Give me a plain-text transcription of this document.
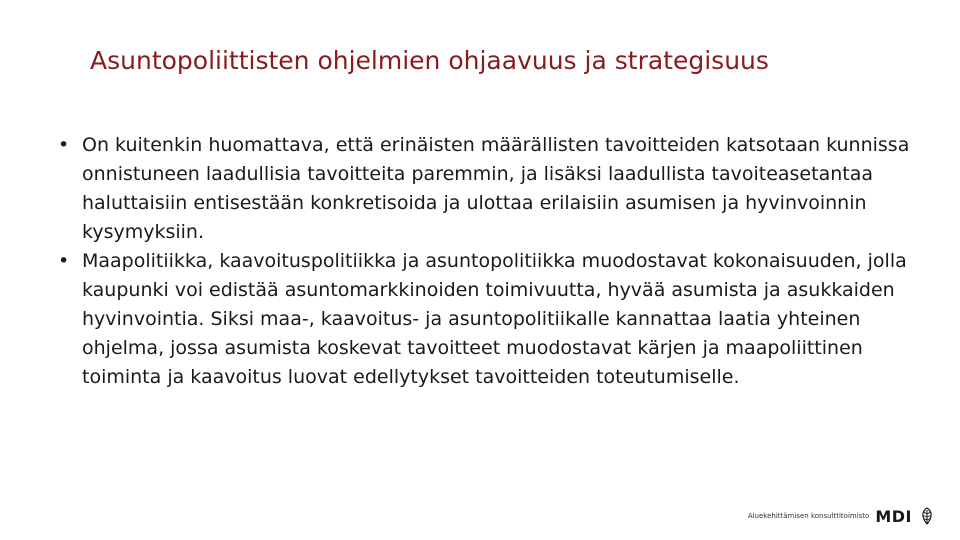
Asuntopoliittisten ohjelmien ohjaavuus ja strategisuus
• On kuitenkin huomattava, että erinäisten määrällisten tavoitteiden katsotaan kunnissa onnistuneen laadullisia tavoitteita paremmin, ja lisäksi laadullista tavoiteasetantaa haluttaisiin entisestään konkretisoida ja ulottaa erilaisiin asumisen ja hyvinvoinnin kysymyksiin.
• Maapolitiikka, kaavoituspolitiikka ja asuntopolitiikka muodostavat kokonaisuuden, jolla kaupunki voi edistää asuntomarkkinoiden toimivuutta, hyvää asumista ja asukkaiden hyvinvointia. Siksi maa-, kaavoitus- ja asuntopolitiikalle kannattaa laatia yhteinen ohjelma, jossa asumista koskevat tavoitteet muodostavat kärjen ja maapoliittinen toiminta ja kaavoitus luovat edellytykset tavoitteiden toteutumiselle.
Aluekehittämisen konsulttitoimisto MDI
